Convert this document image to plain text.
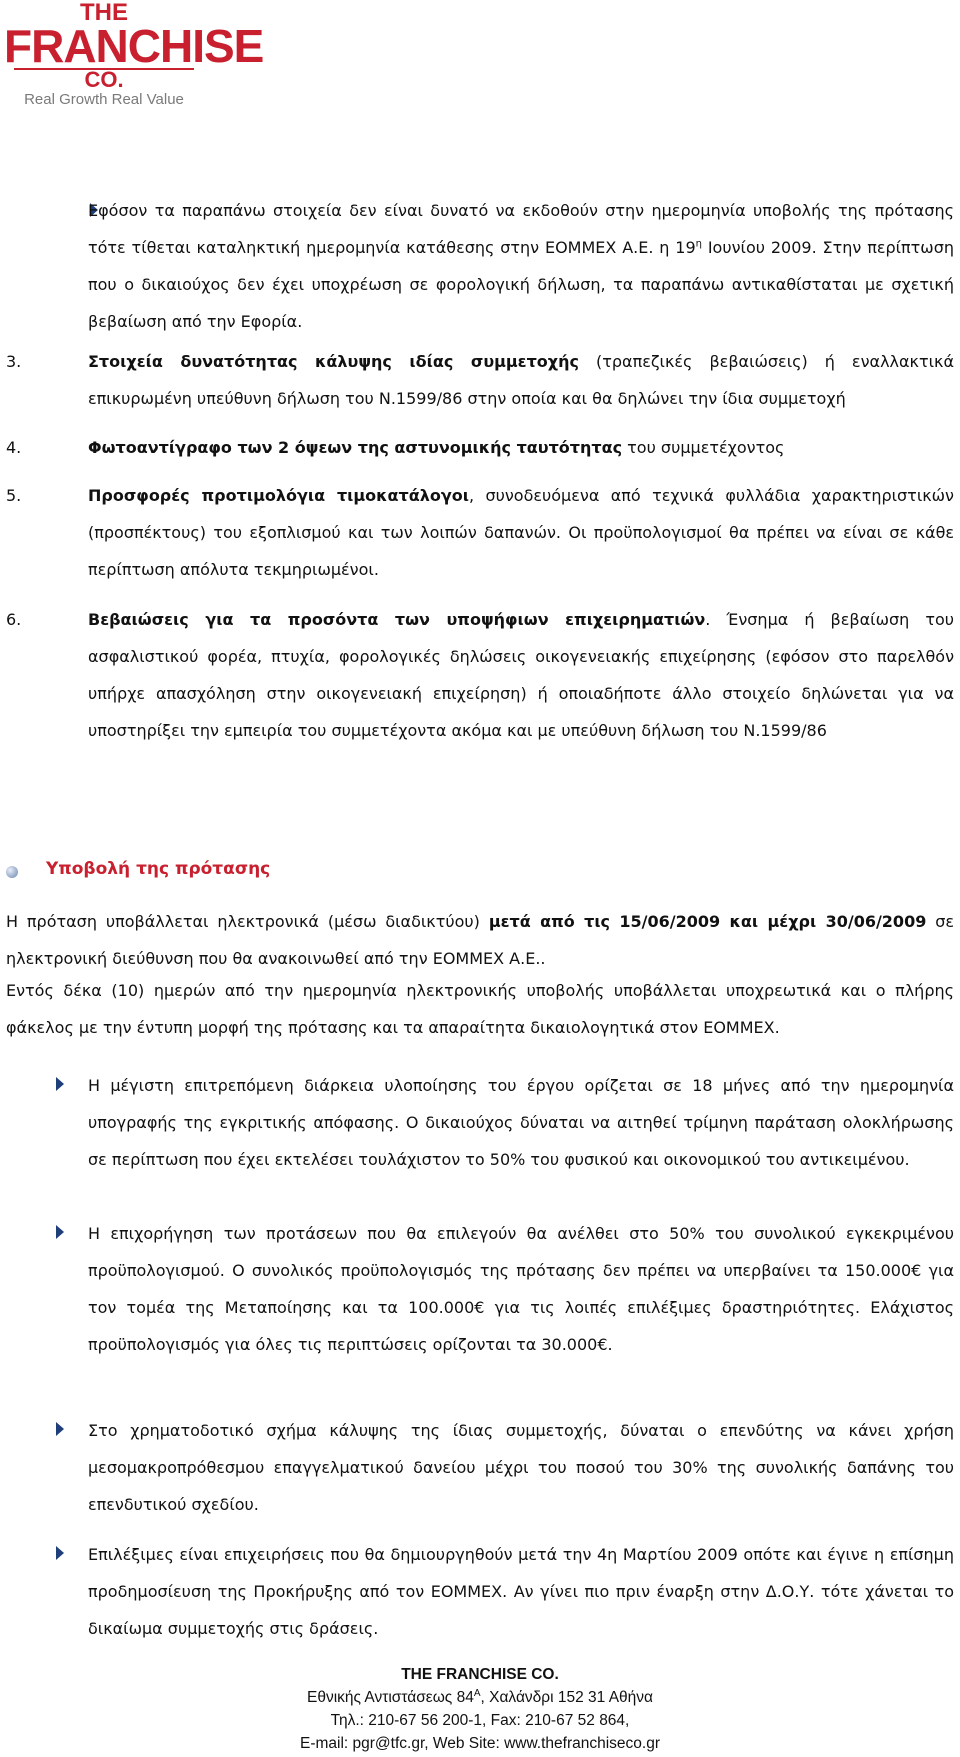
THE
FRANCHISE
CO.
Real Growth Real Value
Εφόσον τα παραπάνω στοιχεία δεν είναι δυνατό να εκδοθούν στην ημερομηνία υποβολής της πρότασης τότε τίθεται καταληκτική ημερομηνία κατάθεσης στην ΕΟΜΜΕΧ Α.Ε. η $19^\eta$ Ιουνίου 2009. Στην περίπτωση που ο δικαιούχος δεν έχει υποχρέωση σε φορολογική δήλωση, τα παραπάνω αντικαθίσταται με σχετική βεβαίωση από την Εφορία.
3.	Στοιχεία δυνατότητας κάλυψης ιδίας συμμετοχής (τραπεζικές βεβαιώσεις) ή εναλλακτικά επικυρωμένη υπεύθυνη δήλωση του Ν.1599/86 στην οποία και θα δηλώνει την ίδια συμμετοχή
4.	Φωτοαντίγραφο των 2 όψεων της αστυνομικής ταυτότητας του συμμετέχοντος
5.	Προσφορές προτιμολόγια τιμοκατάλογοι, συνοδευόμενα από τεχνικά φυλλάδια χαρακτηριστικών (προσπέκτους) του εξοπλισμού και των λοιπών δαπανών. Οι προϋπολογισμοί θα πρέπει να είναι σε κάθε περίπτωση απόλυτα τεκμηριωμένοι.
6.	Βεβαιώσεις για τα προσόντα των υποψήφιων επιχειρηματιών. Ένσημα ή βεβαίωση του ασφαλιστικού φορέα, πτυχία, φορολογικές δηλώσεις οικογενειακής επιχείρησης (εφόσον στο παρελθόν υπήρχε απασχόληση στην οικογενειακή επιχείρηση) ή οποιαδήποτε άλλο στοιχείο δηλώνεται για να υποστηρίξει την εμπειρία του συμμετέχοντα ακόμα και με υπεύθυνη δήλωση του Ν.1599/86
Υποβολή της πρότασης
Η πρόταση υποβάλλεται ηλεκτρονικά (μέσω διαδικτύου) μετά από τις 15/06/2009 και μέχρι 30/06/2009 σε ηλεκτρονική διεύθυνση που θα ανακοινωθεί από την ΕΟΜΜΕΧ Α.Ε..
Εντός δέκα (10) ημερών από την ημερομηνία ηλεκτρονικής υποβολής υποβάλλεται υποχρεωτικά και ο πλήρης φάκελος με την έντυπη μορφή της πρότασης και τα απαραίτητα δικαιολογητικά στον ΕΟΜΜΕΧ.
Η μέγιστη επιτρεπόμενη διάρκεια υλοποίησης του έργου ορίζεται σε 18 μήνες από την ημερομηνία υπογραφής της εγκριτικής απόφασης. Ο δικαιούχος δύναται να αιτηθεί τρίμηνη παράταση ολοκλήρωσης σε περίπτωση που έχει εκτελέσει τουλάχιστον το 50% του φυσικού και οικονομικού του αντικειμένου.
Η επιχορήγηση των προτάσεων που θα επιλεγούν θα ανέλθει στο 50% του συνολικού εγκεκριμένου προϋπολογισμού. Ο συνολικός προϋπολογισμός της πρότασης δεν πρέπει να υπερβαίνει τα 150.000€ για τον τομέα της Μεταποίησης και τα 100.000€ για τις λοιπές επιλέξιμες δραστηριότητες. Ελάχιστος προϋπολογισμός για όλες τις περιπτώσεις ορίζονται τα 30.000€.
Στο χρηματοδοτικό σχήμα κάλυψης της ίδιας συμμετοχής, δύναται ο επενδύτης να κάνει χρήση μεσομακροπρόθεσμου επαγγελματικού δανείου μέχρι του ποσού του 30% της συνολικής δαπάνης του επενδυτικού σχεδίου.
Επιλέξιμες είναι επιχειρήσεις που θα δημιουργηθούν μετά την 4η Μαρτίου 2009 οπότε και έγινε η επίσημη προδημοσίευση της Προκήρυξης από τον ΕΟΜΜΕΧ. Αν γίνει πιο πριν έναρξη στην Δ.Ο.Υ. τότε χάνεται το δικαίωμα συμμετοχής στις δράσεις.
THE FRANCHISE CO.
Εθνικής Αντιστάσεως $84^A$, Χαλάνδρι 152 31 Αθήνα
Τηλ.: 210-67 56 200-1, Fax: 210-67 52 864,
E-mail: pgr@tfc.gr, Web Site: www.thefranchiseco.gr
